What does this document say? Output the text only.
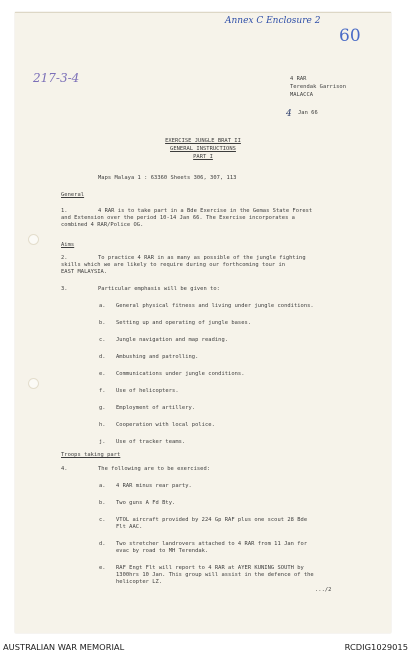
Annex C Enclosure 2
60
217-3-4
4
4 RAR
Terendak Garrison
MALACCA
Jan 66
EXERCISE JUNGLE BRAT II
GENERAL INSTRUCTIONS
PART I
Maps Malaya 1 : 63360 Sheets 306, 307, 113
General
1.	4 RAR is to take part in a Bde Exercise in the Gemas State Forest
and Extension over the period 10-14 Jan 66. The Exercise incorporates a
combined 4 RAR/Police OG.
Aims
2.	To practice 4 RAR in as many as possible of the jungle fighting
skills which we are likely to require during our forthcoming tour in
EAST MALAYSIA.
3.	Particular emphasis will be given to:
a. General physical fitness and living under jungle conditions.
b. Setting up and operating of jungle bases.
c. Jungle navigation and map reading.
d. Ambushing and patrolling.
e. Communications under jungle conditions.
f. Use of helicopters.
g. Employment of artillery.
h. Cooperation with local police.
j. Use of tracker teams.
Troops taking part
4.	The following are to be exercised:
a. 4 RAR minus rear party.
b. Two guns A Fd Bty.
c. VTOL aircraft provided by 224 Gp RAF plus one scout 28 Bde
Flt AAC.
d. Two stretcher landrovers attached to 4 RAR from 11 Jan for
evac by road to MH Terendak.
e. RAF Engt Flt will report to 4 RAR at AYER KUNING SOUTH by
1300hrs 10 Jan. This group will assist in the defence of the
helicopter LZ.
.../2
AUSTRALIAN WAR MEMORIAL	RCDIG1029015
